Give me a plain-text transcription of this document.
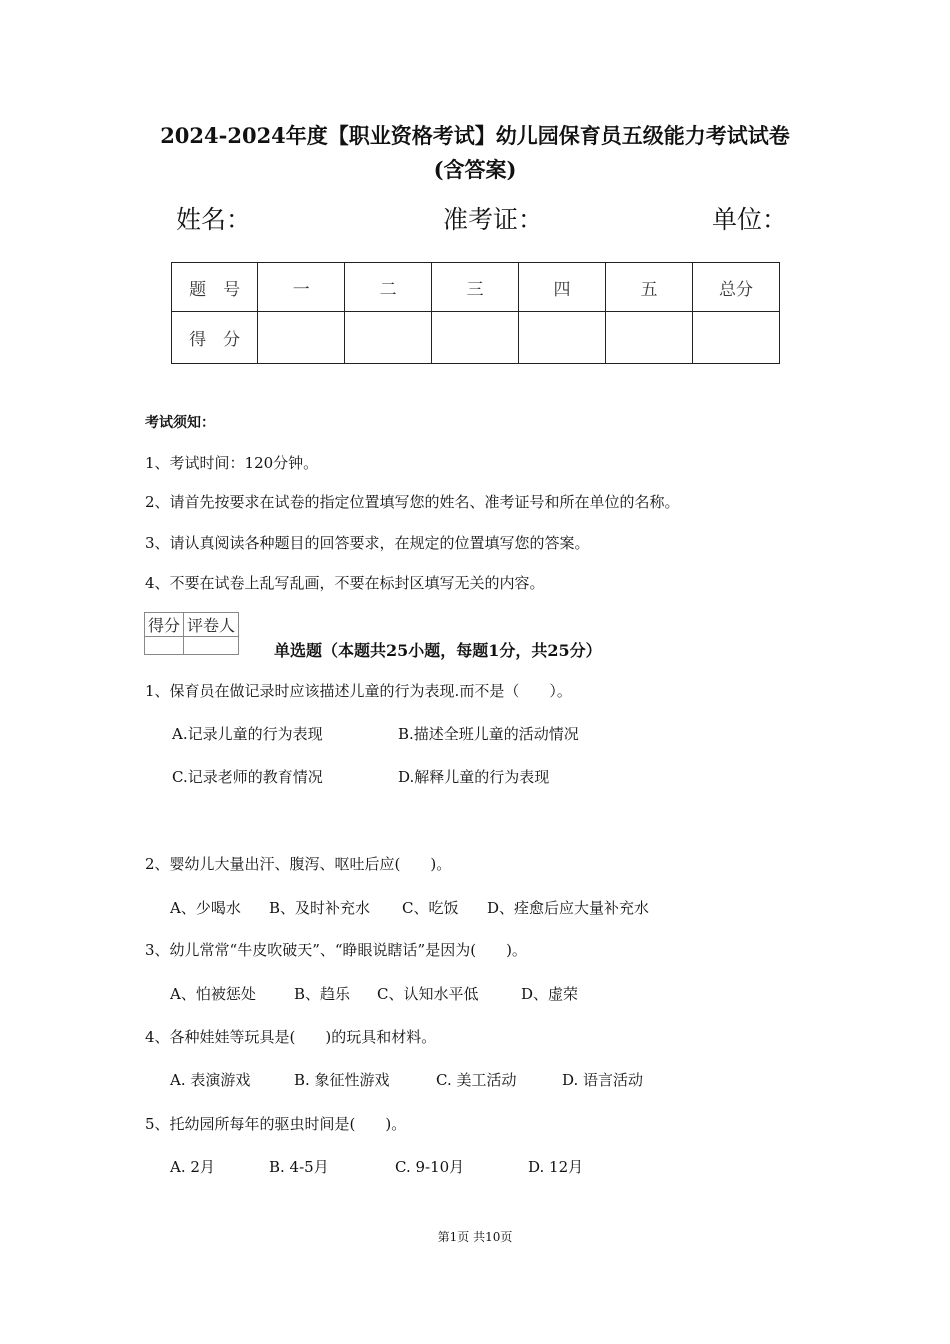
2024-2024年度【职业资格考试】幼儿园保育员五级能力考试试卷
(含答案)
姓名：	准考证：	单位：
题　号	一	二	三	四	五	总分
得　分						
考试须知：
1、考试时间：120分钟。
2、请首先按要求在试卷的指定位置填写您的姓名、准考证号和所在单位的名称。
3、请认真阅读各种题目的回答要求，在规定的位置填写您的答案。
4、不要在试卷上乱写乱画，不要在标封区填写无关的内容。
得分	评卷人

单选题（本题共25小题，每题1分，共25分）
1、保育员在做记录时应该描述儿童的行为表现.而不是（　　）。
A.记录儿童的行为表现	B.描述全班儿童的活动情况
C.记录老师的教育情况	D.解释儿童的行为表现
2、婴幼儿大量出汗、腹泻、呕吐后应(　　)。
A、少喝水 B、及时补充水 C、吃饭 D、痊愈后应大量补充水
3、幼儿常常“牛皮吹破天”、“睁眼说瞎话”是因为(　　)。
A、怕被惩处	B、趋乐 C、认知水平低	D、虚荣
4、各种娃娃等玩具是(　　)的玩具和材料。
A. 表演游戏	B. 象征性游戏	C. 美工活动	D. 语言活动
5、托幼园所每年的驱虫时间是(　　)。
A. 2月	B. 4-5月	C. 9-10月	D. 12月
第1页 共10页
